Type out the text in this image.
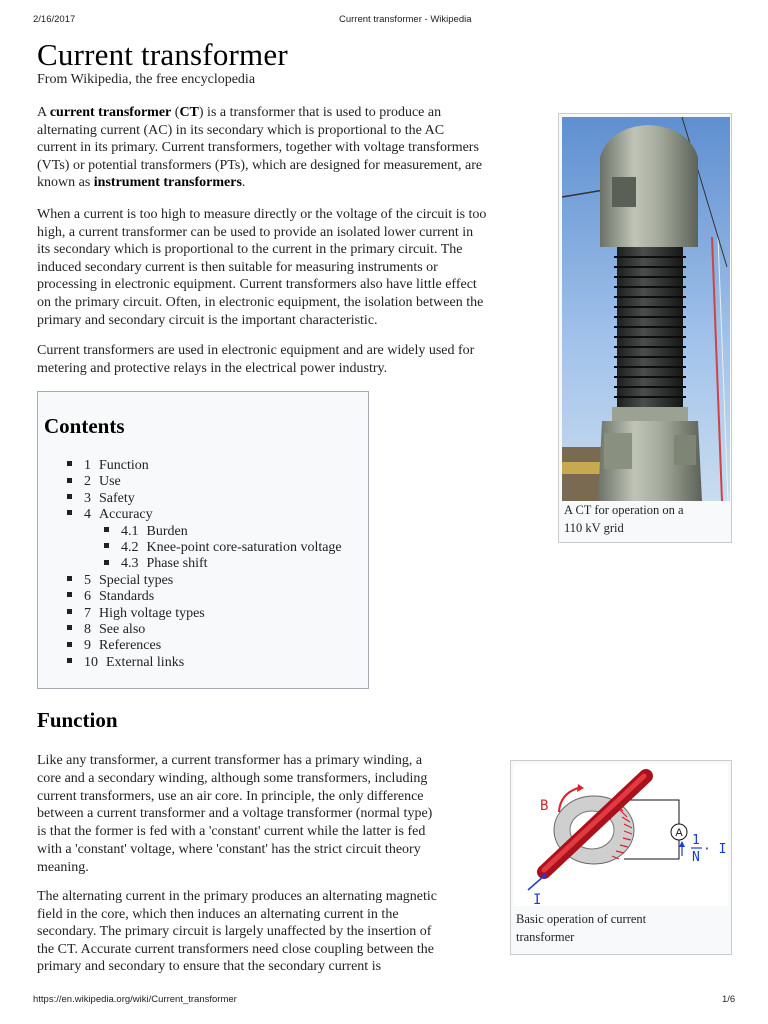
2/16/2017	Current transformer - Wikipedia
Current transformer
From Wikipedia, the free encyclopedia
A current transformer (CT) is a transformer that is used to produce an
alternating current (AC) in its secondary which is proportional to the AC
current in its primary. Current transformers, together with voltage transformers
(VTs) or potential transformers (PTs), which are designed for measurement, are
known as instrument transformers.
When a current is too high to measure directly or the voltage of the circuit is too
high, a current transformer can be used to provide an isolated lower current in
its secondary which is proportional to the current in the primary circuit. The
induced secondary current is then suitable for measuring instruments or
processing in electronic equipment. Current transformers also have little effect
on the primary circuit. Often, in electronic equipment, the isolation between the
primary and secondary circuit is the important characteristic.
Current transformers are used in electronic equipment and are widely used for
metering and protective relays in the electrical power industry.
A CT for operation on a
110 kV grid
Contents
1 Function
2 Use
3 Safety
4 Accuracy
4.1 Burden
4.2 Knee-point core-saturation voltage
4.3 Phase shift
5 Special types
6 Standards
7 High voltage types
8 See also
9 References
10 External links
Function
Like any transformer, a current transformer has a primary winding, a
core and a secondary winding, although some transformers, including
current transformers, use an air core. In principle, the only difference
between a current transformer and a voltage transformer (normal type)
is that the former is fed with a 'constant' current while the latter is fed
with a 'constant' voltage, where 'constant' has the strict circuit theory
meaning.
The alternating current in the primary produces an alternating magnetic
field in the core, which then induces an alternating current in the
secondary. The primary circuit is largely unaffected by the insertion of
the CT. Accurate current transformers need close coupling between the
primary and secondary to ensure that the secondary current is
A
B
I
1
N
· I
Basic operation of current
transformer
https://en.wikipedia.org/wiki/Current_transformer	1/6
